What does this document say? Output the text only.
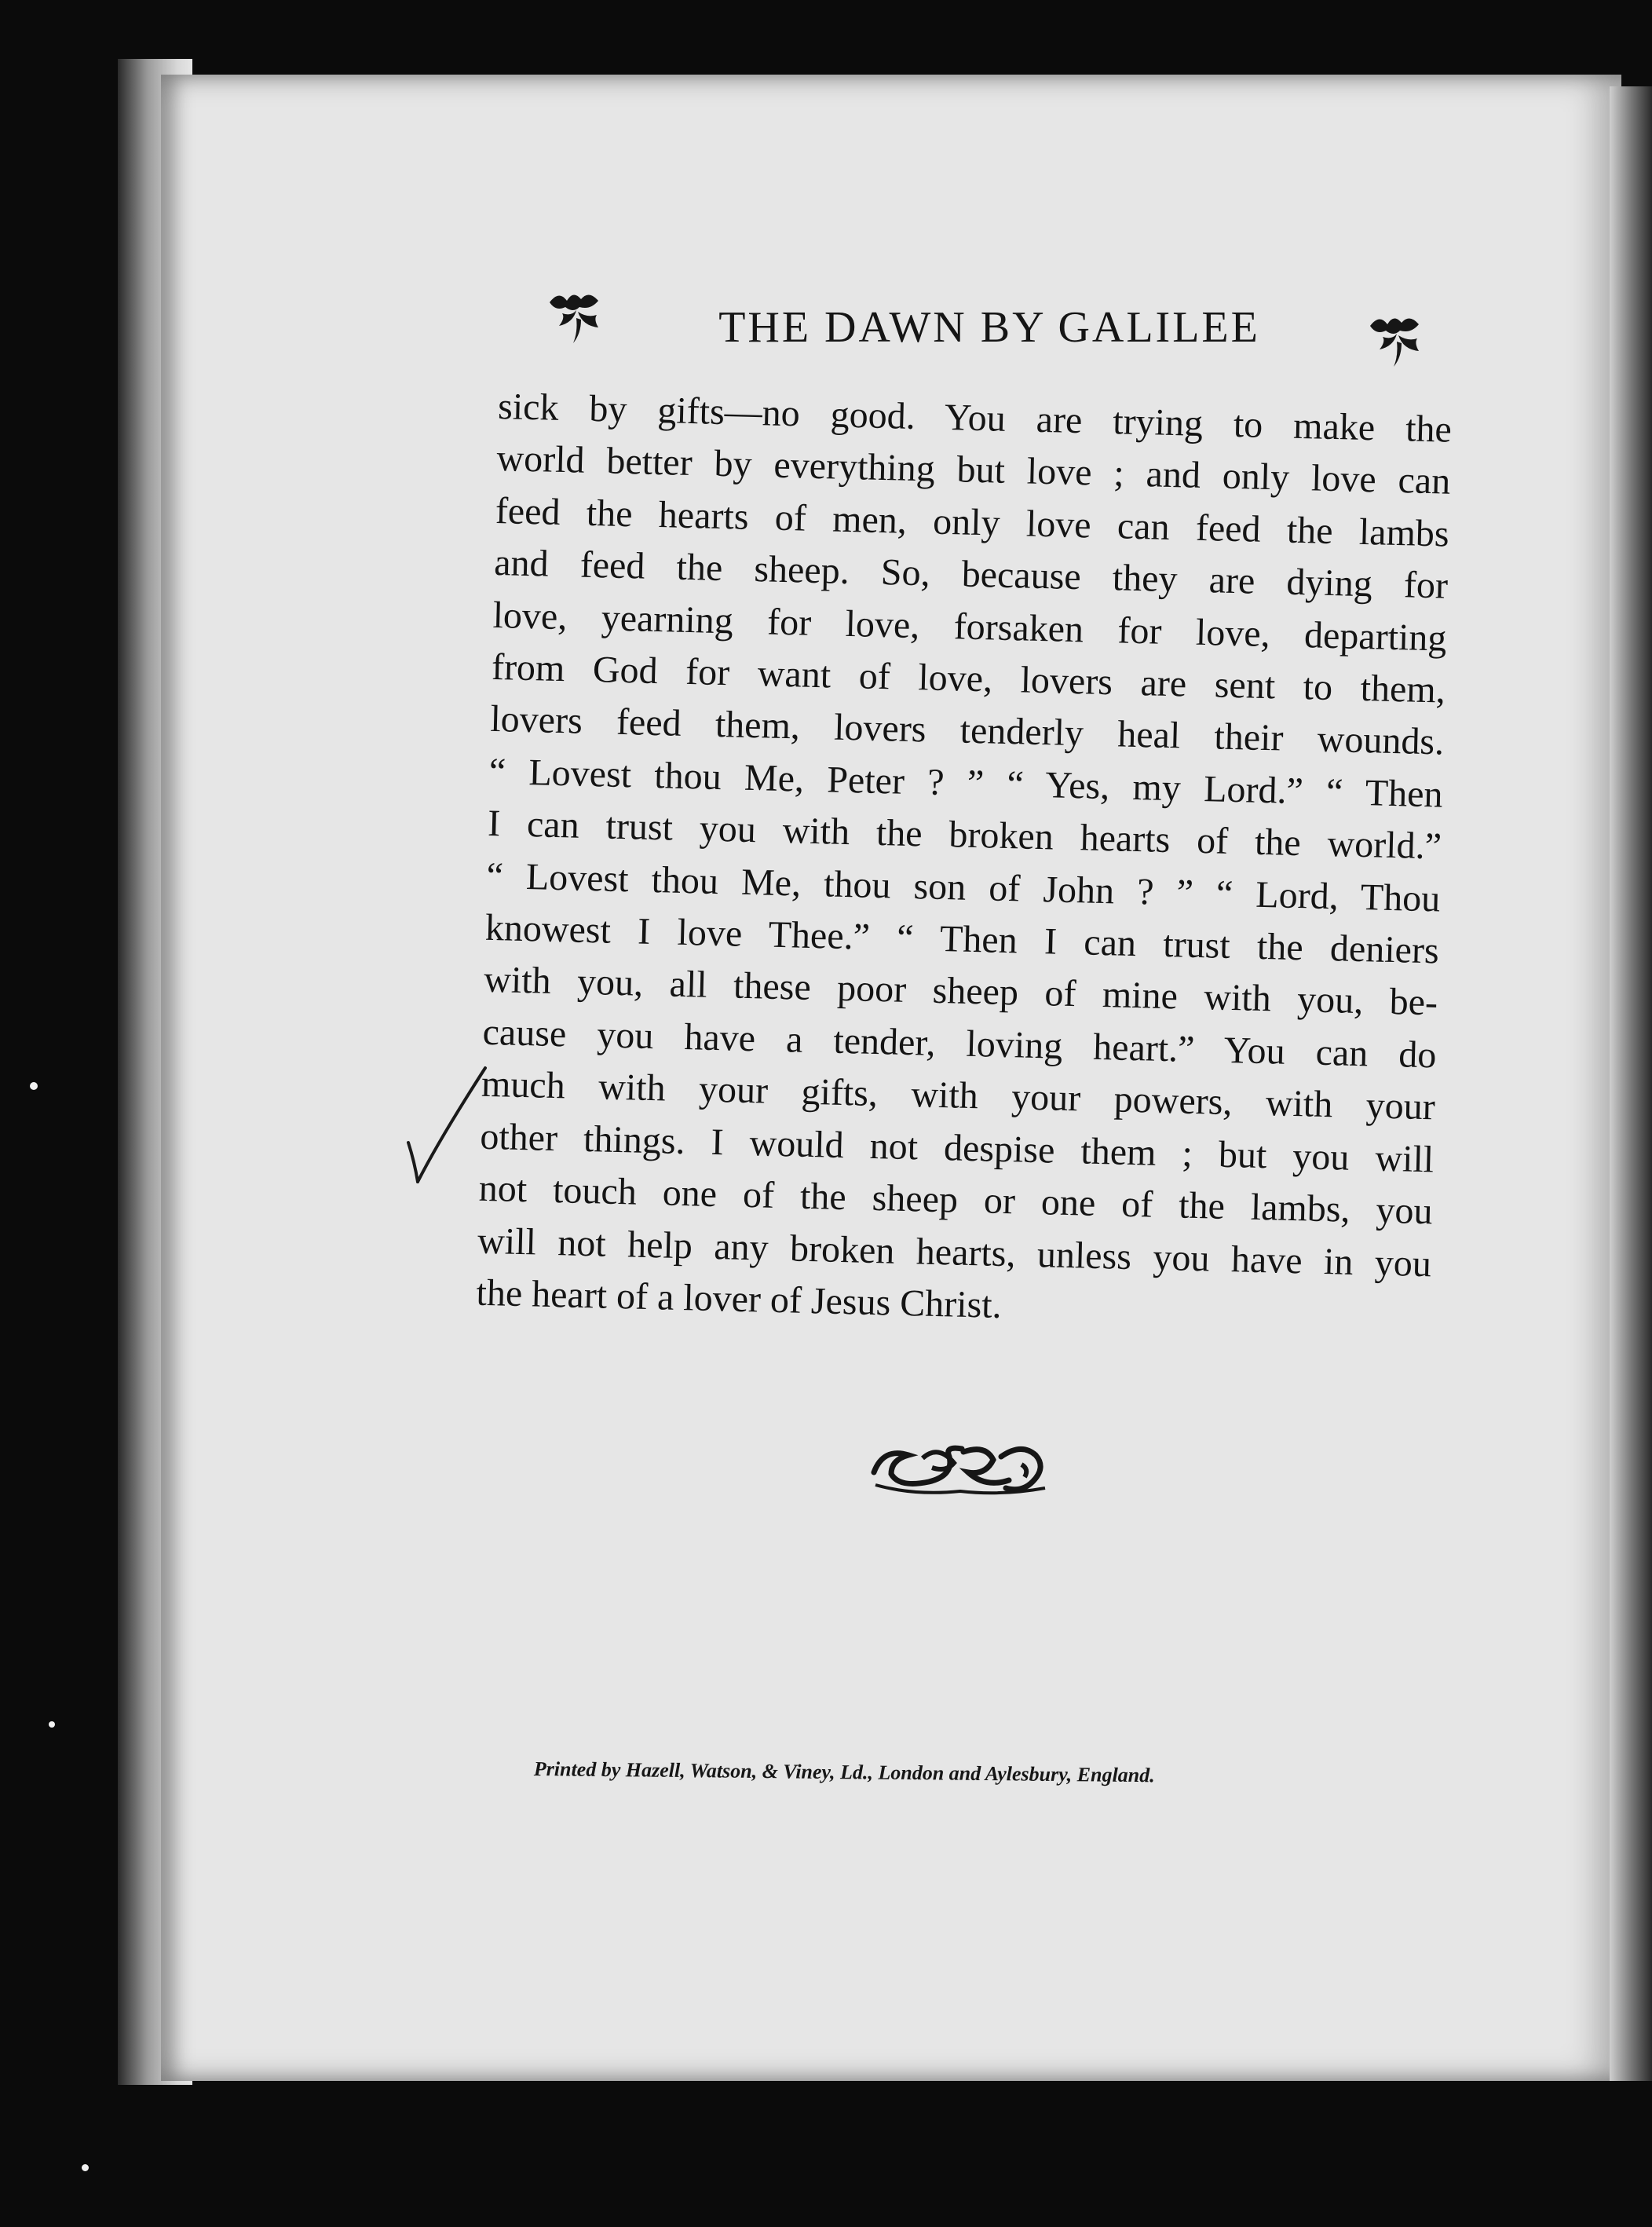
THE DAWN BY GALILEE
sick by gifts—no good. You are trying to make the
world better by everything but love ; and only love can
feed the hearts of men, only love can feed the lambs
and feed the sheep. So, because they are dying for
love, yearning for love, forsaken for love, departing
from God for want of love, lovers are sent to them,
lovers feed them, lovers tenderly heal their wounds.
“ Lovest thou Me, Peter ? ” “ Yes, my Lord.” “ Then
I can trust you with the broken hearts of the world.”
“ Lovest thou Me, thou son of John ? ” “ Lord, Thou
knowest I love Thee.” “ Then I can trust the deniers
with you, all these poor sheep of mine with you, be-
cause you have a tender, loving heart.” You can do
much with your gifts, with your powers, with your
other things. I would not despise them ; but you will
not touch one of the sheep or one of the lambs, you
will not help any broken hearts, unless you have in you
the heart of a lover of Jesus Christ.
Printed by Hazell, Watson, & Viney, Ld., London and Aylesbury, England.
